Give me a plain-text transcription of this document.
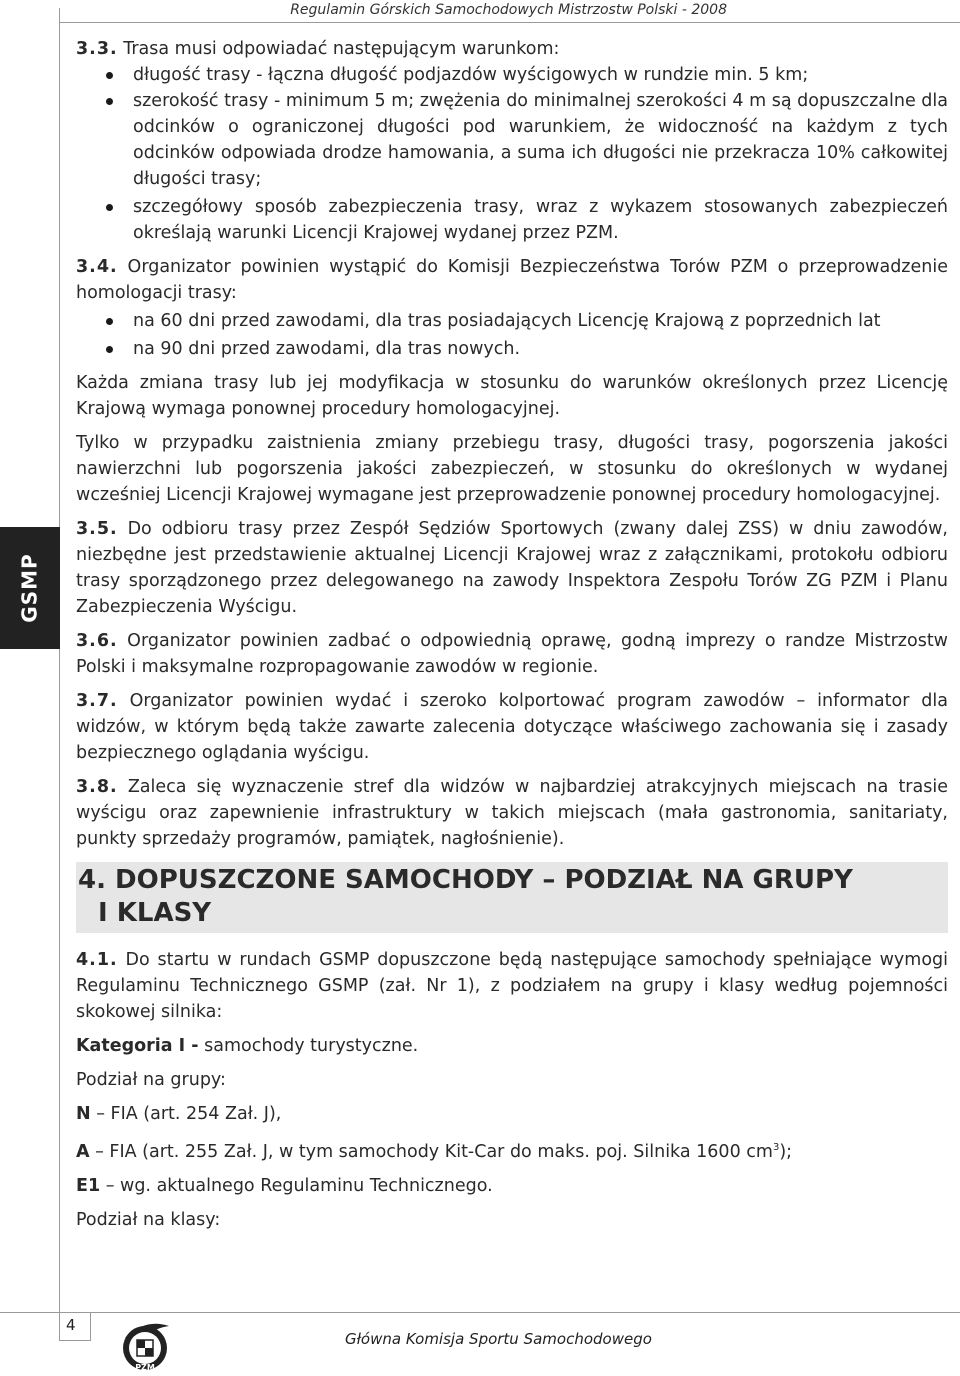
Regulamin Górskich Samochodowych Mistrzostw Polski - 2008
GSMP

3.3. Trasa musi odpowiadać następującym warunkom:

długość trasy - łączna długość podjazdów wyścigowych w rundzie min. 5 km;
szerokość trasy - minimum 5 m; zwężenia do minimalnej szerokości 4 m są dopuszczalne dla odcinków o ograniczonej długości pod warunkiem, że widoczność na każdym z tych odcinków odpowiada drodze hamowania, a suma ich długości nie przekracza 10% całkowitej długości trasy;
szczegółowy sposób zabezpieczenia trasy, wraz z wykazem stosowanych zabezpieczeń określają warunki Licencji Krajowej wydanej przez PZM.

3.4. Organizator powinien wystąpić do Komisji Bezpieczeństwa Torów PZM o przeprowadzenie homologacji trasy:

na 60 dni przed zawodami, dla tras posiadających Licencję Krajową z poprzednich lat
na 90 dni przed zawodami, dla tras nowych.

Każda zmiana trasy lub jej modyfikacja w stosunku do warunków określonych przez Licencję Krajową wymaga ponownej procedury homologacyjnej.

Tylko w przypadku zaistnienia zmiany przebiegu trasy, długości trasy, pogorszenia jakości nawierzchni lub pogorszenia jakości zabezpieczeń, w stosunku do określonych w wydanej wcześniej Licencji Krajowej wymagane jest przeprowadzenie ponownej procedury homologacyjnej.

3.5. Do odbioru trasy przez Zespół Sędziów Sportowych (zwany dalej ZSS) w dniu zawodów, niezbędne jest przedstawienie aktualnej Licencji Krajowej wraz z załącznikami, protokołu odbioru trasy sporządzonego przez delegowanego na zawody Inspektora Zespołu Torów ZG PZM i Planu Zabezpieczenia Wyścigu.

3.6. Organizator powinien zadbać o odpowiednią oprawę, godną imprezy o randze Mistrzostw Polski i maksymalne rozpropagowanie zawodów w regionie.

3.7. Organizator powinien wydać i szeroko kolportować program zawodów – informator dla widzów, w którym będą także zawarte zalecenia dotyczące właściwego zachowania się i zasady bezpiecznego oglądania wyścigu.

3.8. Zaleca się wyznaczenie stref dla widzów w najbardziej atrakcyjnych miejscach na trasie wyścigu oraz zapewnienie infrastruktury w takich miejscach (mała gastronomia, sanitariaty, punkty sprzedaży programów, pamiątek, nagłośnienie).

4. DOPUSZCZONE SAMOCHODY – PODZIAŁ NA GRUPY
I KLASY

4.1. Do startu w rundach GSMP dopuszczone będą następujące samochody spełniające wymogi Regulaminu Technicznego GSMP (zał. Nr 1), z podziałem na grupy i klasy według pojemności skokowej silnika:

Kategoria I - samochody turystyczne.

Podział na grupy:

N – FIA (art. 254 Zał. J),

A – FIA (art. 255 Zał. J, w tym samochody Kit-Car do maks. poj. Silnika 1600 $cm^3$);

E1 – wg. aktualnego Regulaminu Technicznego.

Podział na klasy:

4
PZM
Główna Komisja Sportu Samochodowego
